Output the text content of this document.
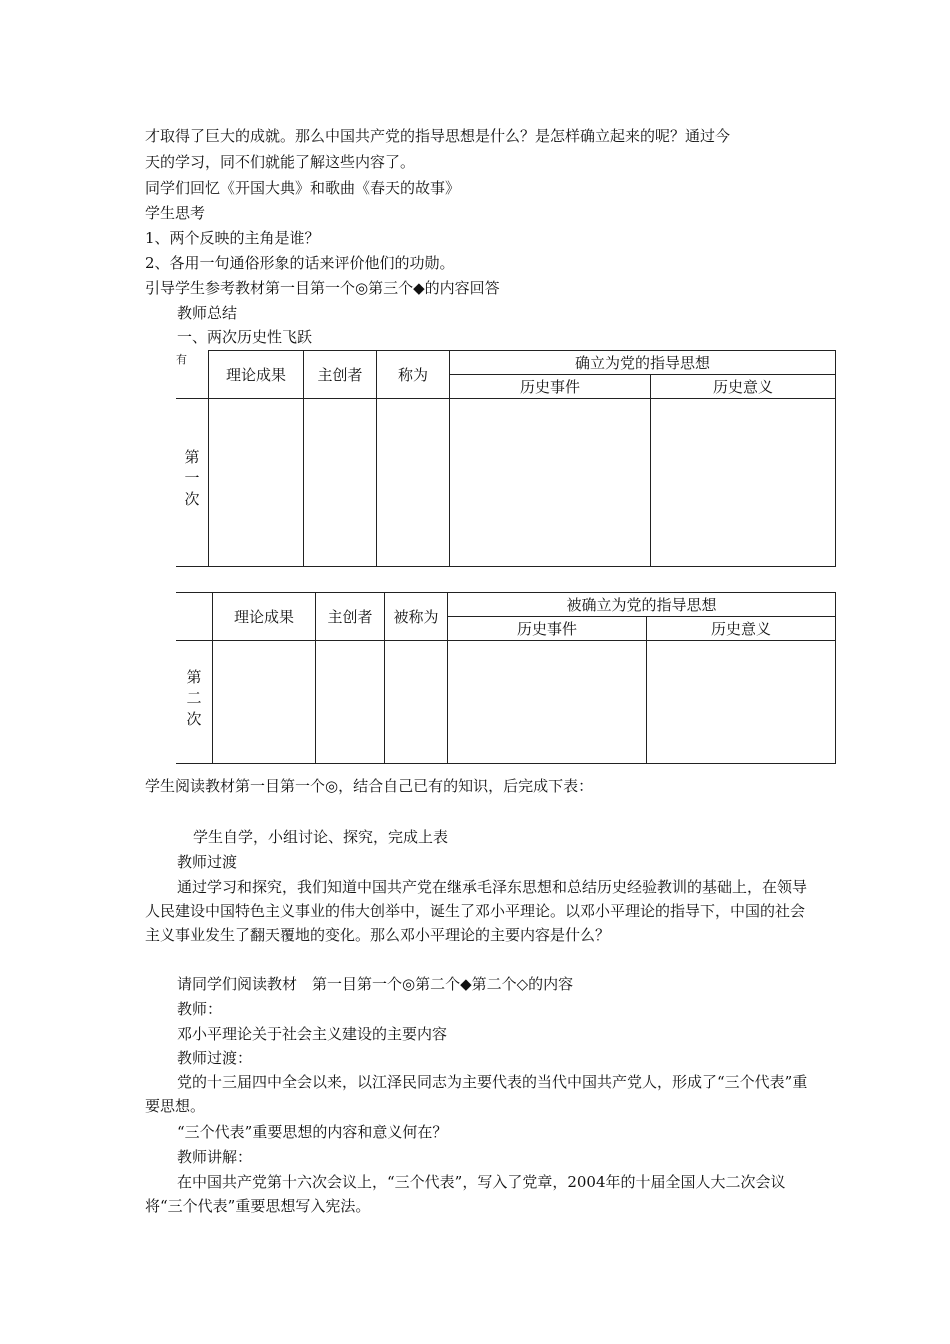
才取得了巨大的成就。那么中国共产党的指导思想是什么？是怎样确立起来的呢？通过今
天的学习，同不们就能了解这些内容了。
同学们回忆《开国大典》和歌曲《春天的故事》
学生思考
1、两个反映的主角是谁？
2、各用一句通俗形象的话来评价他们的功勋。
引导学生参考教材第一目第一个◎第三个◆的内容回答
教师总结
一、两次历史性飞跃
有	理论成果	主创者	称为	确立为党的指导思想	
				历史事件	历史意义
第一次					
	理论成果	主创者	被称为	被确立为党的指导思想	
				历史事件	历史意义
第二次					
学生阅读教材第一目第一个◎，结合自己已有的知识，后完成下表：
学生自学，小组讨论、探究，完成上表
教师过渡
通过学习和探究，我们知道中国共产党在继承毛泽东思想和总结历史经验教训的基础上，在领导人民建设中国特色主义事业的伟大创举中，诞生了邓小平理论。以邓小平理论的指导下，中国的社会主义事业发生了翻天覆地的变化。那么邓小平理论的主要内容是什么？
请同学们阅读教材　第一目第一个◎第二个◆第二个◇的内容
教师：
邓小平理论关于社会主义建设的主要内容
教师过渡：
党的十三届四中全会以来，以江泽民同志为主要代表的当代中国共产党人，形成了“三个代表”重要思想。
“三个代表”重要思想的内容和意义何在？
教师讲解：
在中国共产党第十六次会议上，“三个代表”，写入了党章，2004年的十届全国人大二次会议将“三个代表”重要思想写入宪法。
